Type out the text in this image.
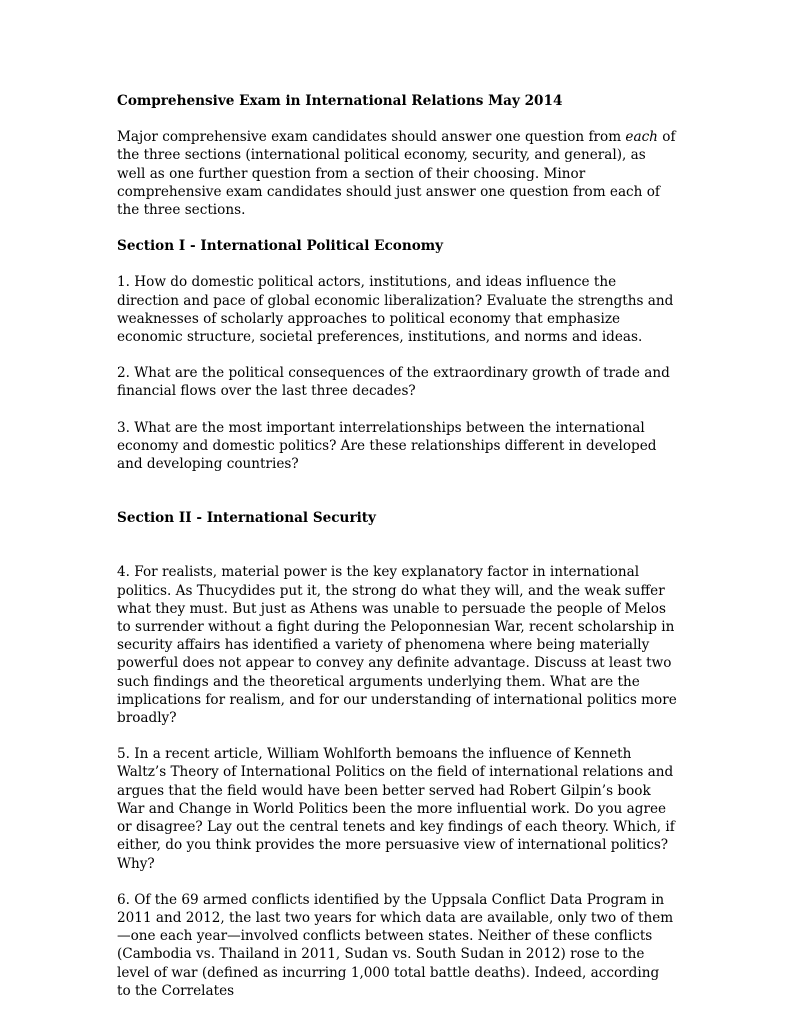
Comprehensive Exam in International Relations May 2014

Major comprehensive exam candidates should answer one question from each of the three sections (international political economy, security, and general), as well as one further question from a section of their choosing. Minor comprehensive exam candidates should just answer one question from each of the three sections.

Section I - International Political Economy

1. How do domestic political actors, institutions, and ideas influence the direction and pace of global economic liberalization? Evaluate the strengths and weaknesses of scholarly approaches to political economy that emphasize economic structure, societal preferences, institutions, and norms and ideas.

2. What are the political consequences of the extraordinary growth of trade and financial flows over the last three decades?

3. What are the most important interrelationships between the international economy and domestic politics? Are these relationships different in developed and developing countries?

Section II - International Security

4. For realists, material power is the key explanatory factor in international politics. As Thucydides put it, the strong do what they will, and the weak suffer what they must. But just as Athens was unable to persuade the people of Melos to surrender without a fight during the Peloponnesian War, recent scholarship in security affairs has identified a variety of phenomena where being materially powerful does not appear to convey any definite advantage. Discuss at least two such findings and the theoretical arguments underlying them. What are the implications for realism, and for our understanding of international politics more broadly?

5. In a recent article, William Wohlforth bemoans the influence of Kenneth Waltz’s Theory of International Politics on the field of international relations and argues that the field would have been better served had Robert Gilpin’s book War and Change in World Politics been the more influential work. Do you agree or disagree? Lay out the central tenets and key findings of each theory. Which, if either, do you think provides the more persuasive view of international politics? Why?

6. Of the 69 armed conflicts identified by the Uppsala Conflict Data Program in 2011 and 2012, the last two years for which data are available, only two of them—one each year—involved conflicts between states. Neither of these conflicts (Cambodia vs. Thailand in 2011, Sudan vs. South Sudan in 2012) rose to the level of war (defined as incurring 1,000 total battle deaths). Indeed, according to the Correlates
